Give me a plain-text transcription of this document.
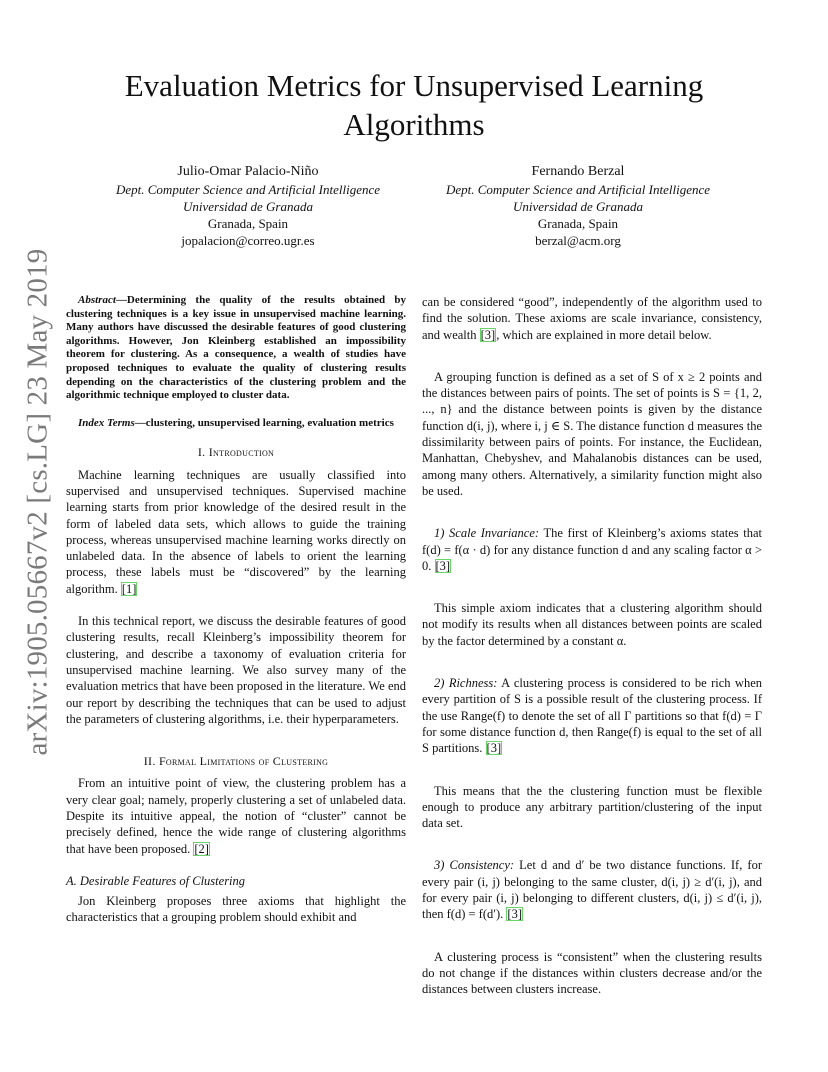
arXiv:1905.05667v2 [cs.LG] 23 May 2019
Evaluation Metrics for Unsupervised Learning Algorithms
Julio-Omar Palacio-Niño
Dept. Computer Science and Artificial Intelligence
Universidad de Granada
Granada, Spain
jopalacion@correo.ugr.es
Fernando Berzal
Dept. Computer Science and Artificial Intelligence
Universidad de Granada
Granada, Spain
berzal@acm.org

Abstract—Determining the quality of the results obtained by clustering techniques is a key issue in unsupervised machine learning. Many authors have discussed the desirable features of good clustering algorithms. However, Jon Kleinberg established an impossibility theorem for clustering. As a consequence, a wealth of studies have proposed techniques to evaluate the quality of clustering results depending on the characteristics of the clustering problem and the algorithmic technique employed to cluster data.

Index Terms—clustering, unsupervised learning, evaluation metrics

I. Introduction

Machine learning techniques are usually classified into supervised and unsupervised techniques. Supervised machine learning starts from prior knowledge of the desired result in the form of labeled data sets, which allows to guide the training process, whereas unsupervised machine learning works directly on unlabeled data. In the absence of labels to orient the learning process, these labels must be “discovered” by the learning algorithm. [1]

In this technical report, we discuss the desirable features of good clustering results, recall Kleinberg’s impossibility theorem for clustering, and describe a taxonomy of evaluation criteria for unsupervised machine learning. We also survey many of the evaluation metrics that have been proposed in the literature. We end our report by describing the techniques that can be used to adjust the parameters of clustering algorithms, i.e. their hyperparameters.

II. Formal Limitations of Clustering

From an intuitive point of view, the clustering problem has a very clear goal; namely, properly clustering a set of unlabeled data. Despite its intuitive appeal, the notion of “cluster” cannot be precisely defined, hence the wide range of clustering algorithms that have been proposed. [2]

A. Desirable Features of Clustering

Jon Kleinberg proposes three axioms that highlight the characteristics that a grouping problem should exhibit and

can be considered “good”, independently of the algorithm used to find the solution. These axioms are scale invariance, consistency, and wealth [3], which are explained in more detail below.

A grouping function is defined as a set of S of x ≥ 2 points and the distances between pairs of points. The set of points is S = {1, 2, ..., n} and the distance between points is given by the distance function d(i, j), where i, j ∈ S. The distance function d measures the dissimilarity between pairs of points. For instance, the Euclidean, Manhattan, Chebyshev, and Mahalanobis distances can be used, among many others. Alternatively, a similarity function might also be used.

1) Scale Invariance: The first of Kleinberg’s axioms states that f(d) = f(α · d) for any distance function d and any scaling factor α > 0. [3]

This simple axiom indicates that a clustering algorithm should not modify its results when all distances between points are scaled by the factor determined by a constant α.

2) Richness: A clustering process is considered to be rich when every partition of S is a possible result of the clustering process. If the use Range(f) to denote the set of all Γ partitions so that f(d) = Γ for some distance function d, then Range(f) is equal to the set of all S partitions. [3]

This means that the the clustering function must be flexible enough to produce any arbitrary partition/clustering of the input data set.

3) Consistency: Let d and d′ be two distance functions. If, for every pair (i, j) belonging to the same cluster, d(i, j) ≥ d′(i, j), and for every pair (i, j) belonging to different clusters, d(i, j) ≤ d′(i, j), then f(d) = f(d′). [3]

A clustering process is “consistent” when the clustering results do not change if the distances within clusters decrease and/or the distances between clusters increase.
